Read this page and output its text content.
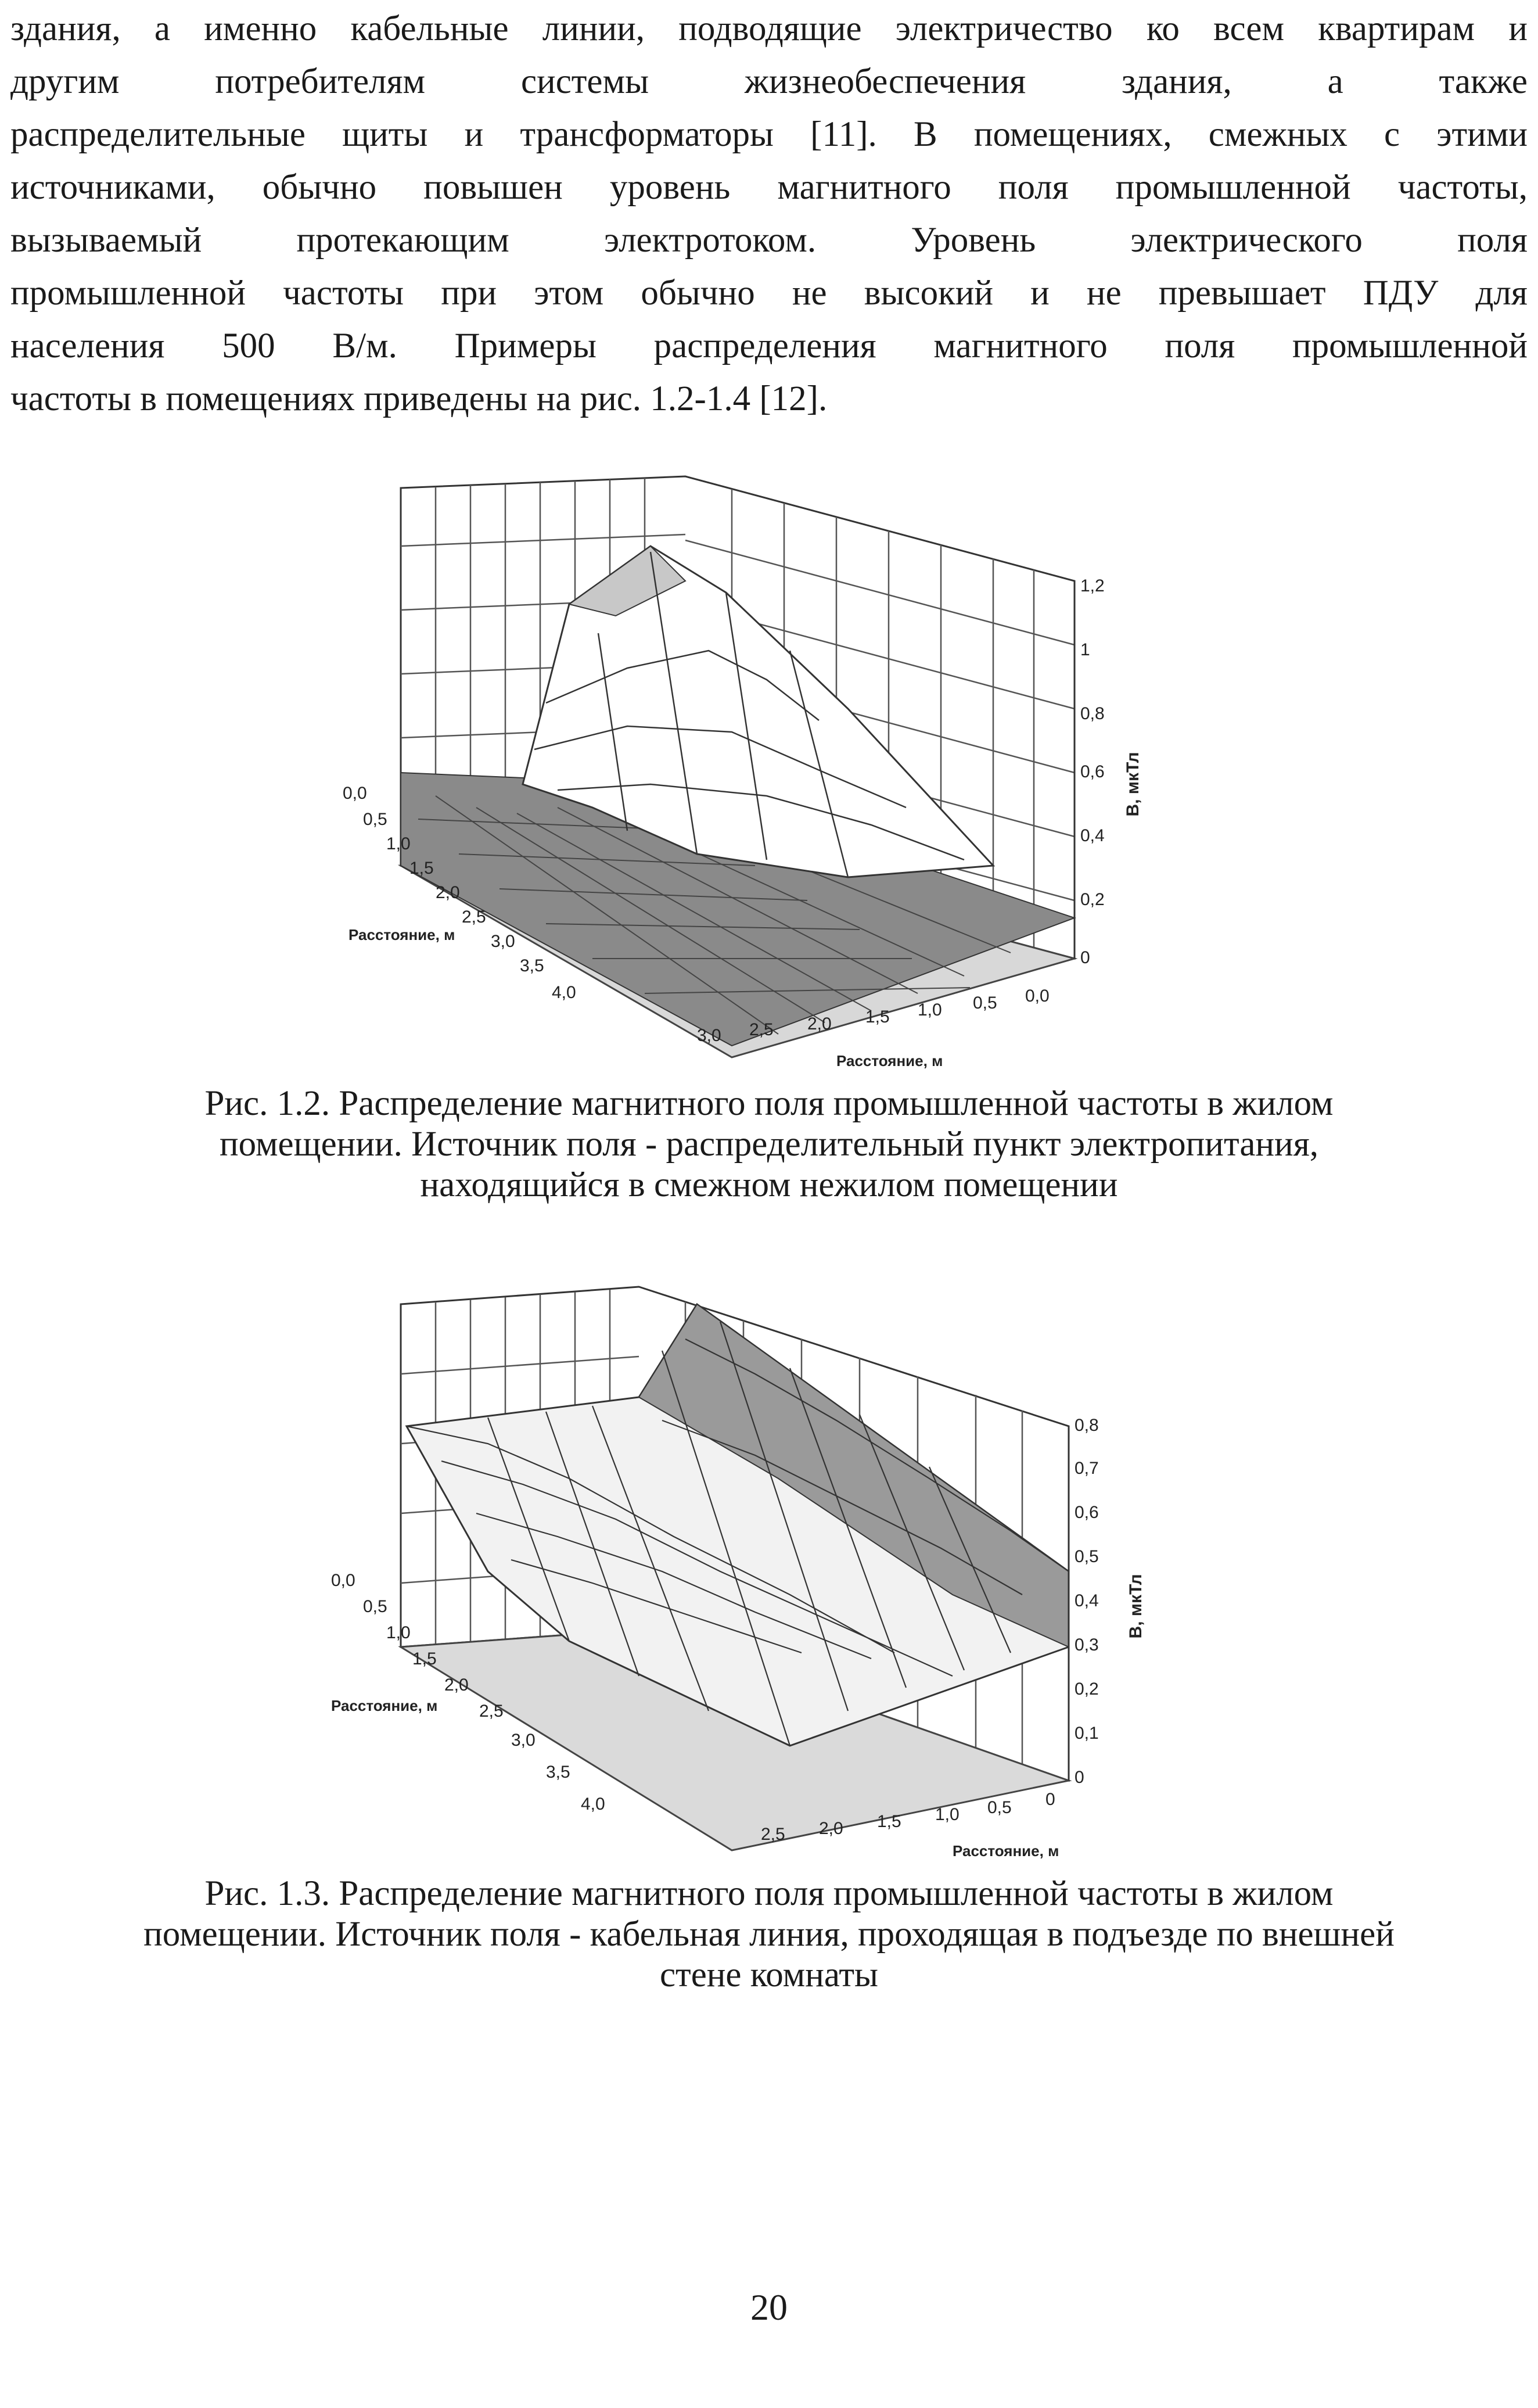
здания, а именно кабельные линии, подводящие электричество ко всем квартирам и
другим потребителям системы жизнеобеспечения здания, а также
распределительные щиты и трансформаторы [11]. В помещениях, смежных с этими
источниками, обычно повышен уровень магнитного поля промышленной частоты,
вызываемый протекающим электротоком. Уровень электрического поля
промышленной частоты при этом обычно не высокий и не превышает ПДУ для
населения 500 В/м. Примеры распределения магнитного поля промышленной
частоты в помещениях приведены на рис. 1.2-1.4 [12].
1,2
1
0,8
0,6
0,4
0,2
0
B, мкТл
0,0
0,5
1,0
1,5
2,0
2,5
3,0
3,5
4,0
Расстояние, м
3,0 2,5 2,0 1,5 1,0 0,5 0,0
Расстояние, м
Рис. 1.2. Распределение магнитного поля промышленной частоты в жилом
помещении. Источник поля - распределительный пункт электропитания,
находящийся в смежном нежилом помещении
0,8
0,7
0,6
0,5
0,4
0,3
0,2
0,1
0
B, мкТл
0,0
0,5
1,0
1,5
2,0
2,5
3,0
3,5
4,0
Расстояние, м
2,5 2,0 1,5 1,0 0,5 0
Расстояние, м
Рис. 1.3. Распределение магнитного поля промышленной частоты в жилом
помещении. Источник поля - кабельная линия, проходящая в подъезде по внешней
стене комнаты
20
